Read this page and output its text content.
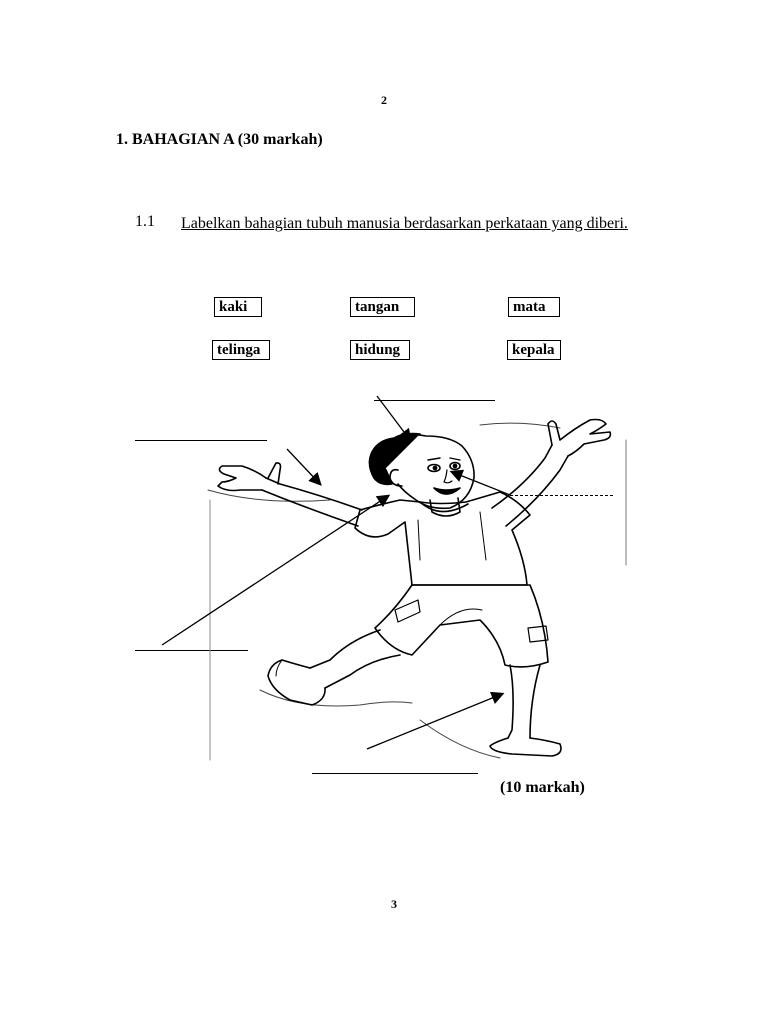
2
1. BAHAGIAN A (30 markah)
1.1 Labelkan bahagian tubuh manusia berdasarkan perkataan yang diberi.
kaki	tangan	mata
telinga	hidung	kepala
(10 markah)
3
